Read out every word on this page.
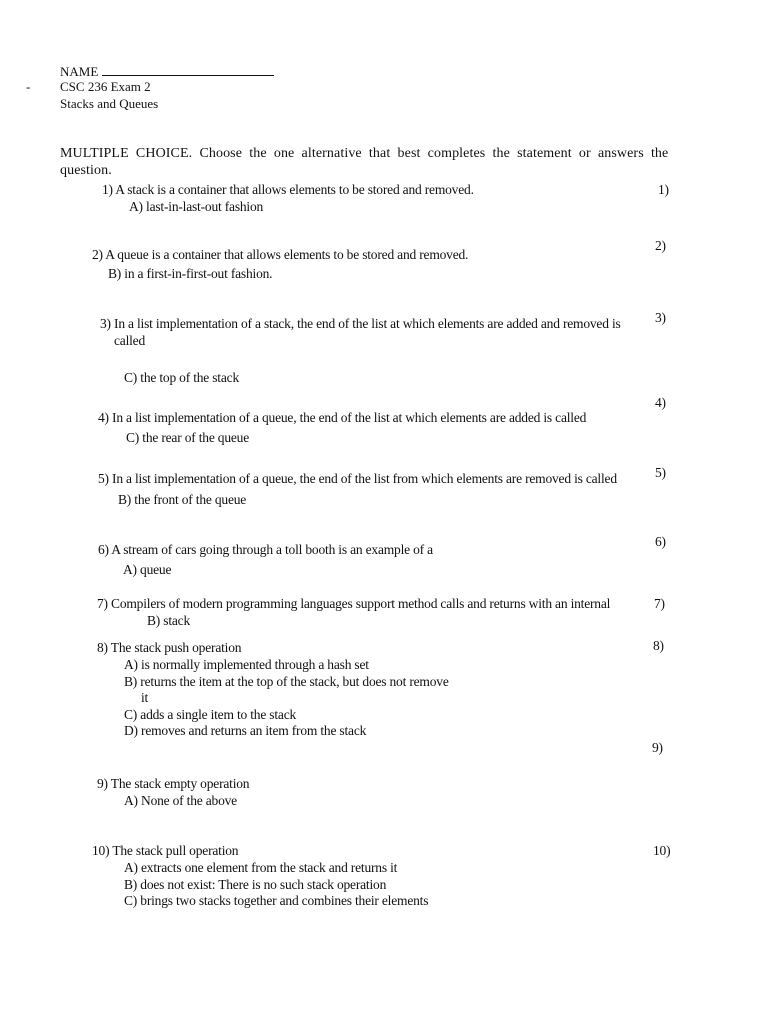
NAME
- CSC 236 Exam 2
Stacks and Queues
MULTIPLE CHOICE. Choose the one alternative that best completes the statement or answers the
question.
1) A stack is a container that allows elements to be stored and removed.	1)
A) last-in-last-out fashion
2) A queue is a container that allows elements to be stored and removed.
2)
B) in a first-in-first-out fashion.
3) In a list implementation of a stack, the end of the list at which elements are added and removed is
called
3)
C) the top of the stack
4) In a list implementation of a queue, the end of the list at which elements are added is called
4)
C) the rear of the queue
5) In a list implementation of a queue, the end of the list from which elements are removed is called	5)
B) the front of the queue
6) A stream of cars going through a toll booth is an example of a
6)
A) queue
7) Compilers of modern programming languages support method calls and returns with an internal	7)
B) stack
8) The stack push operation	8)
A) is normally implemented through a hash set
B) returns the item at the top of the stack, but does not remove
it
C) adds a single item to the stack
D) removes and returns an item from the stack
9)
9) The stack empty operation
A) None of the above
10) The stack pull operation	10)
A) extracts one element from the stack and returns it
B) does not exist: There is no such stack operation
C) brings two stacks together and combines their elements
